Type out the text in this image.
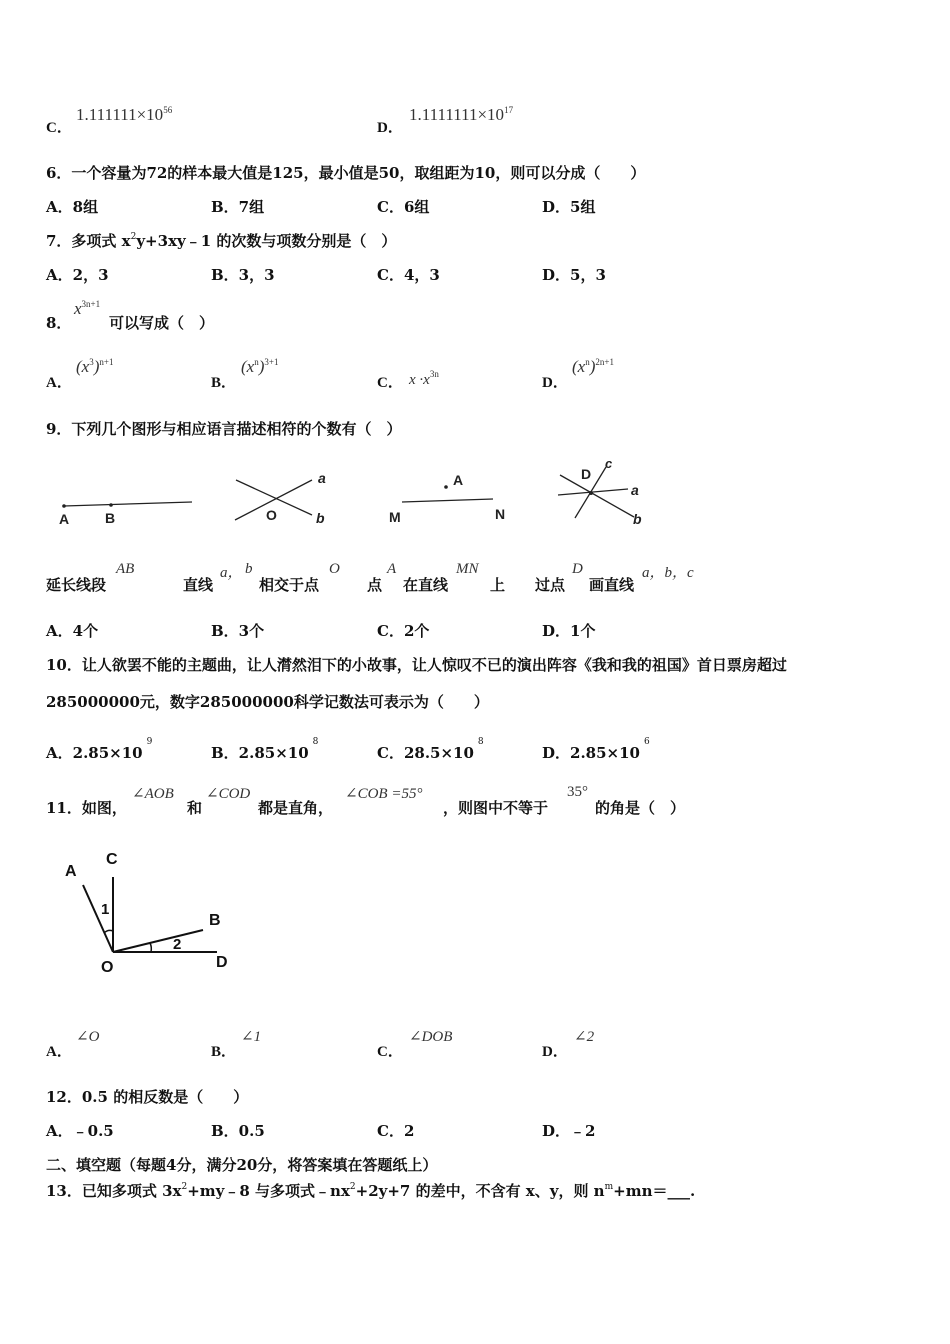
C．
$1.111111\times 10^{56}$
D．
$1.1111111\times 10^{17}$
6．一个容量为72的样本最大值是125，最小值是50，取组距为10，则可以分成（　　）
A．8组	B．7组	C．6组	D．5组
7．多项式 $x^2y+3xy﹣1$ 的次数与项数分别是（　）
A．2，3	B．3，3	C．4，3	D．5，3
8．
$x^{3n+1}$
可以写成（　）
A．
$(x^3)^{n+1}$
B．
$(x^n)^{3+1}$
C． $x \cdot x^{3n}$
D．
$(x^n)^{2n+1}$
9．下列几个图形与相应语言描述相符的个数有（　）
A	B
a
b
O
A
M	N
D
c
a
b
延长线段
AB
直线
a， b
相交于点
O
点
A
在直线
MN
上 过点
D
画直线
a，b，c
A．4个	B．3个	C．2个	D．1个
10．让人欲罢不能的主题曲，让人潸然泪下的小故事，让人惊叹不已的演出阵容《我和我的祖国》首日票房超过
285000000元，数字285000000科学记数法可表示为（　　）
A．$2.85\times 10^9$
B．$2.85\times 10^8$
C．$28.5\times 10^8$
D．$2.85\times 10^6$
11．如图，
∠AOB
和
∠COD
都是直角，
∠COB =55°
，则图中不等于
35°
的角是（　）
A
C
B
O	D
1
2
A．
∠O
B．
∠1
C．
∠DOB
D．
∠2
12．0.5 的相反数是（　　）
A．﹣0.5	B．0.5	C．2	D．﹣2
二、填空题（每题4分，满分20分，将答案填在答题纸上）
13．已知多项式 $3x^2+my﹣8$ 与多项式$﹣nx^2+2y+7$ 的差中，不含有 x、y，则 $n^m+mn=\_\_\_$.
